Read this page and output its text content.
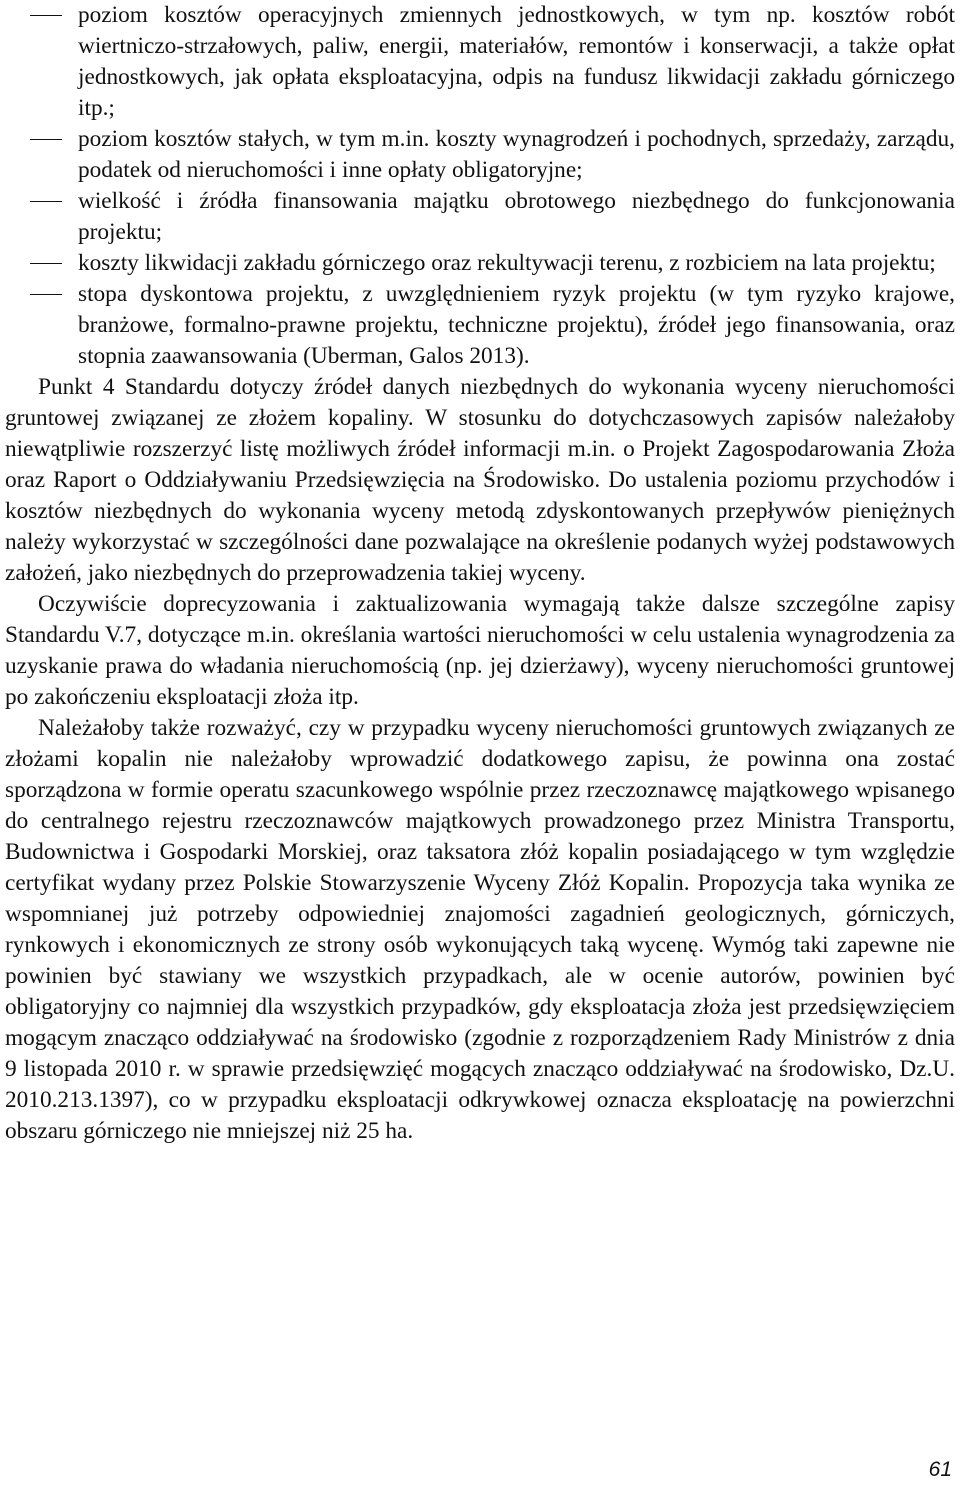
poziom kosztów operacyjnych zmiennych jednostkowych, w tym np. kosztów robót wiertniczo-strzałowych, paliw, energii, materiałów, remontów i konserwacji, a także opłat jednostkowych, jak opłata eksploatacyjna, odpis na fundusz likwidacji zakładu górniczego itp.;
poziom kosztów stałych, w tym m.in. koszty wynagrodzeń i pochodnych, sprzedaży, zarządu, podatek od nieruchomości i inne opłaty obligatoryjne;
wielkość i źródła finansowania majątku obrotowego niezbędnego do funkcjonowania projektu;
koszty likwidacji zakładu górniczego oraz rekultywacji terenu, z rozbiciem na lata projektu;
stopa dyskontowa projektu, z uwzględnieniem ryzyk projektu (w tym ryzyko krajowe, branżowe, formalno-prawne projektu, techniczne projektu), źródeł jego finansowania, oraz stopnia zaawansowania (Uberman, Galos 2013).

Punkt 4 Standardu dotyczy źródeł danych niezbędnych do wykonania wyceny nieruchomości gruntowej związanej ze złożem kopaliny. W stosunku do dotychczasowych zapisów należałoby niewątpliwie rozszerzyć listę możliwych źródeł informacji m.in. o Projekt Zagospodarowania Złoża oraz Raport o Oddziaływaniu Przedsięwzięcia na Środowisko. Do ustalenia poziomu przychodów i kosztów niezbędnych do wykonania wyceny metodą zdyskontowanych przepływów pieniężnych należy wykorzystać w szczególności dane pozwalające na określenie podanych wyżej podstawowych założeń, jako niezbędnych do przeprowadzenia takiej wyceny.

Oczywiście doprecyzowania i zaktualizowania wymagają także dalsze szczególne zapisy Standardu V.7, dotyczące m.in. określania wartości nieruchomości w celu ustalenia wynagrodzenia za uzyskanie prawa do władania nieruchomością (np. jej dzierżawy), wyceny nieruchomości gruntowej po zakończeniu eksploatacji złoża itp.

Należałoby także rozważyć, czy w przypadku wyceny nieruchomości gruntowych związanych ze złożami kopalin nie należałoby wprowadzić dodatkowego zapisu, że powinna ona zostać sporządzona w formie operatu szacunkowego wspólnie przez rzeczoznawcę majątkowego wpisanego do centralnego rejestru rzeczoznawców majątkowych prowadzonego przez Ministra Transportu, Budownictwa i Gospodarki Morskiej, oraz taksatora złóż kopalin posiadającego w tym względzie certyfikat wydany przez Polskie Stowarzyszenie Wyceny Złóż Kopalin. Propozycja taka wynika ze wspomnianej już potrzeby odpowiedniej znajomości zagadnień geologicznych, górniczych, rynkowych i ekonomicznych ze strony osób wykonujących taką wycenę. Wymóg taki zapewne nie powinien być stawiany we wszystkich przypadkach, ale w ocenie autorów, powinien być obligatoryjny co najmniej dla wszystkich przypadków, gdy eksploatacja złoża jest przedsięwzięciem mogącym znacząco oddziaływać na środowisko (zgodnie z rozporządzeniem Rady Ministrów z dnia 9 listopada 2010 r. w sprawie przedsięwzięć mogących znacząco oddziaływać na środowisko, Dz.U. 2010.213.1397), co w przypadku eksploatacji odkrywkowej oznacza eksploatację na powierzchni obszaru górniczego nie mniejszej niż 25 ha.

61
